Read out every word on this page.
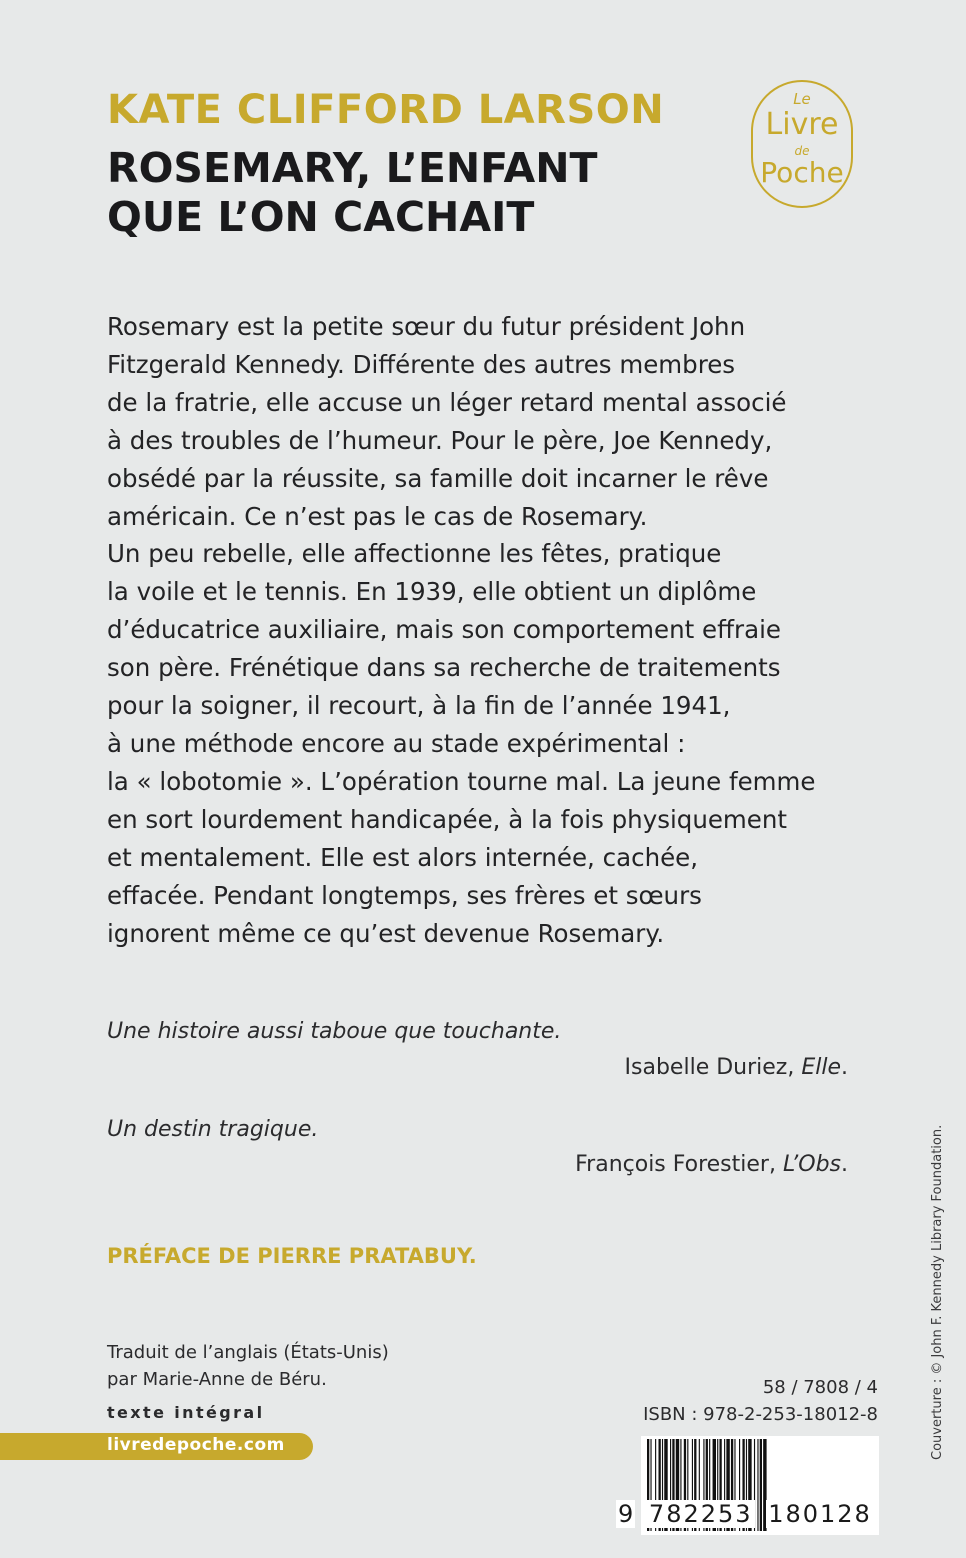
KATE CLIFFORD LARSON
ROSEMARY, L’ENFANT
QUE L’ON CACHAIT
Le
Livre
de
Poche
Rosemary est la petite sœur du futur président John
Fitzgerald Kennedy. Différente des autres membres
de la fratrie, elle accuse un léger retard mental associé
à des troubles de l’humeur. Pour le père, Joe Kennedy,
obsédé par la réussite, sa famille doit incarner le rêve
américain. Ce n’est pas le cas de Rosemary.
Un peu rebelle, elle affectionne les fêtes, pratique
la voile et le tennis. En 1939, elle obtient un diplôme
d’éducatrice auxiliaire, mais son comportement effraie
son père. Frénétique dans sa recherche de traitements
pour la soigner, il recourt, à la fin de l’année 1941,
à une méthode encore au stade expérimental :
la « lobotomie ». L’opération tourne mal. La jeune femme
en sort lourdement handicapée, à la fois physiquement
et mentalement. Elle est alors internée, cachée,
effacée. Pendant longtemps, ses frères et sœurs
ignorent même ce qu’est devenue Rosemary.

Une histoire aussi taboue que touchante.

Isabelle Duriez, Elle.

Un destin tragique.

François Forestier, L’Obs.

PRÉFACE DE PIERRE PRATABUY.

Traduit de l’anglais (États-Unis)
par Marie-Anne de Béru.
texte intégral
livredepoche.com
58 / 7808 / 4
ISBN : 978-2-253-18012-8
9 782253 180128
Couverture : © John F. Kennedy Library Foundation.
